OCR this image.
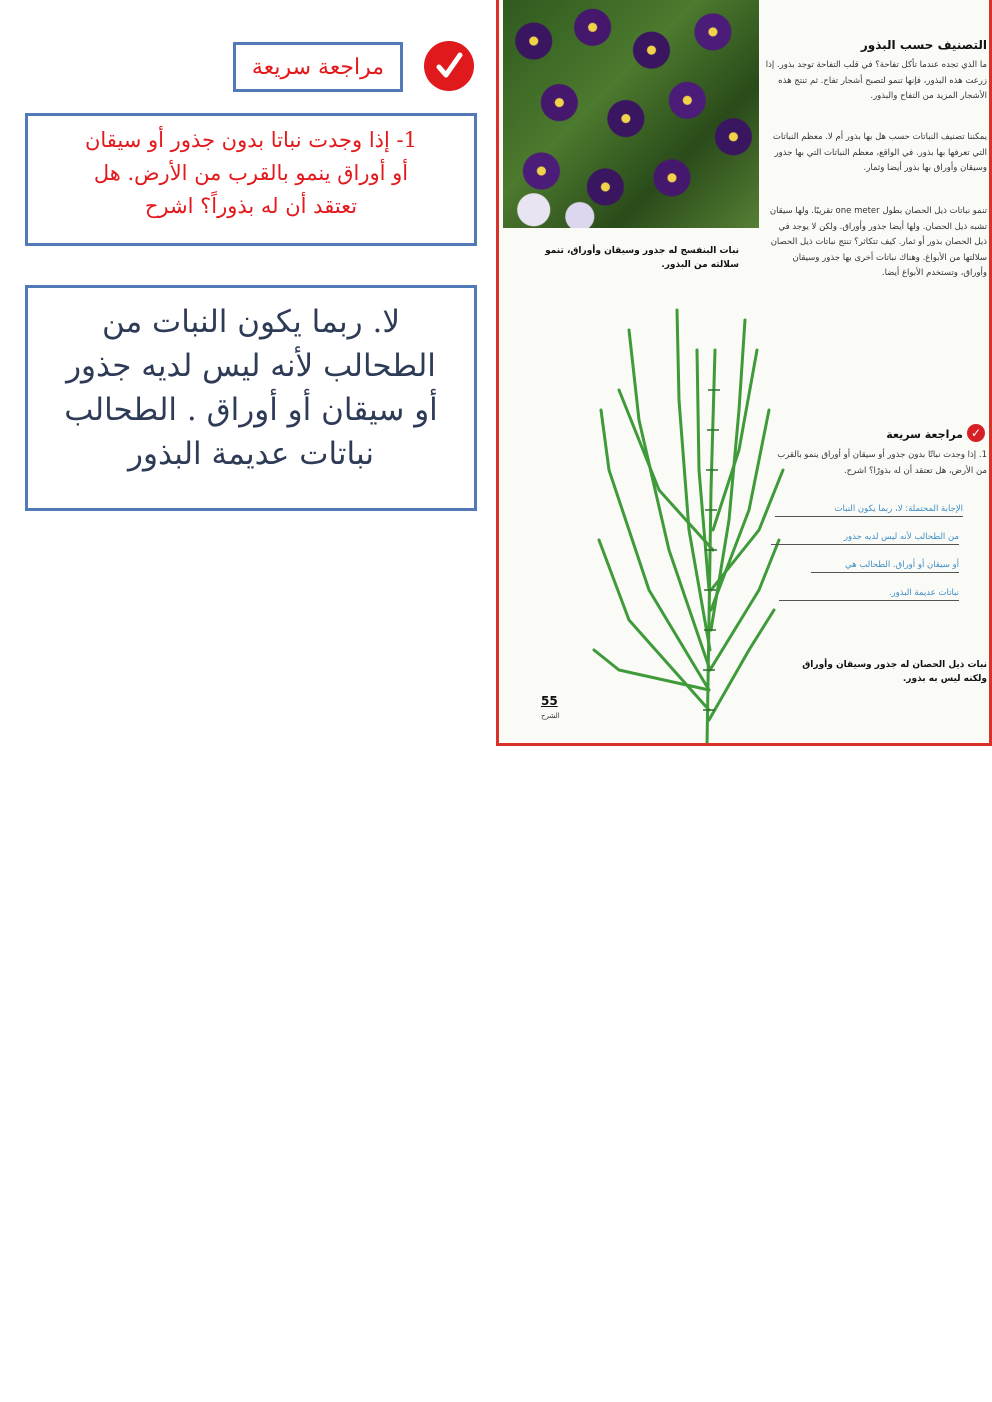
مراجعة سريعة
1- إذا وجدت نباتا بدون جذور أو سيقان
أو أوراق ينمو بالقرب من الأرض. هل
تعتقد أن له بذوراً؟ اشرح
لا. ربما يكون النبات من
الطحالب لأنه ليس لديه جذور
أو سيقان أو أوراق . الطحالب
نباتات عديمة البذور
التصنيف حسب البذور
ما الذي تجده عندما تأكل تفاحة؟ في قلب التفاحة توجد بذور. إذا زرعت هذه البذور، فإنها تنمو لتصبح أشجار تفاح. ثم تنتج هذه الأشجار المزيد من التفاح والبذور.
يمكننا تصنيف النباتات حسب هل بها بذور أم لا. معظم النباتات التي تعرفها بها بذور. في الواقع، معظم النباتات التي بها جذور وسيقان وأوراق بها بذور أيضا وثمار.
تنمو نباتات ذيل الحصان بطول one meter تقريبًا. ولها سيقان تشبه ذيل الحصان. ولها أيضا جذور وأوراق. ولكن لا يوجد في ذيل الحصان بذور أو ثمار. كيف تتكاثر؟ تنتج نباتات ذيل الحصان سلالتها من الأبواغ. وهناك نباتات أخرى بها جذور وسيقان وأوراق، وتستخدم الأبواغ أيضا.
نبات البنفسج له جذور وسيقان وأوراق، تنمو سلالته من البذور.
✓
مراجعة سريعة
1. إذا وجدت نباتًا بدون جذور أو سيقان أو أوراق ينمو بالقرب من الأرض، هل تعتقد أن له بذورًا؟ اشرح.
الإجابة المحتملة: لا، ربما يكون النبات
من الطحالب لأنه ليس لديه جذور
أو سيقان أو أوراق. الطحالب هي
نباتات عديمة البذور.
نبات ذيل الحصان له جذور وسيقان وأوراق ولكنه ليس به بذور.
55
الشرح
